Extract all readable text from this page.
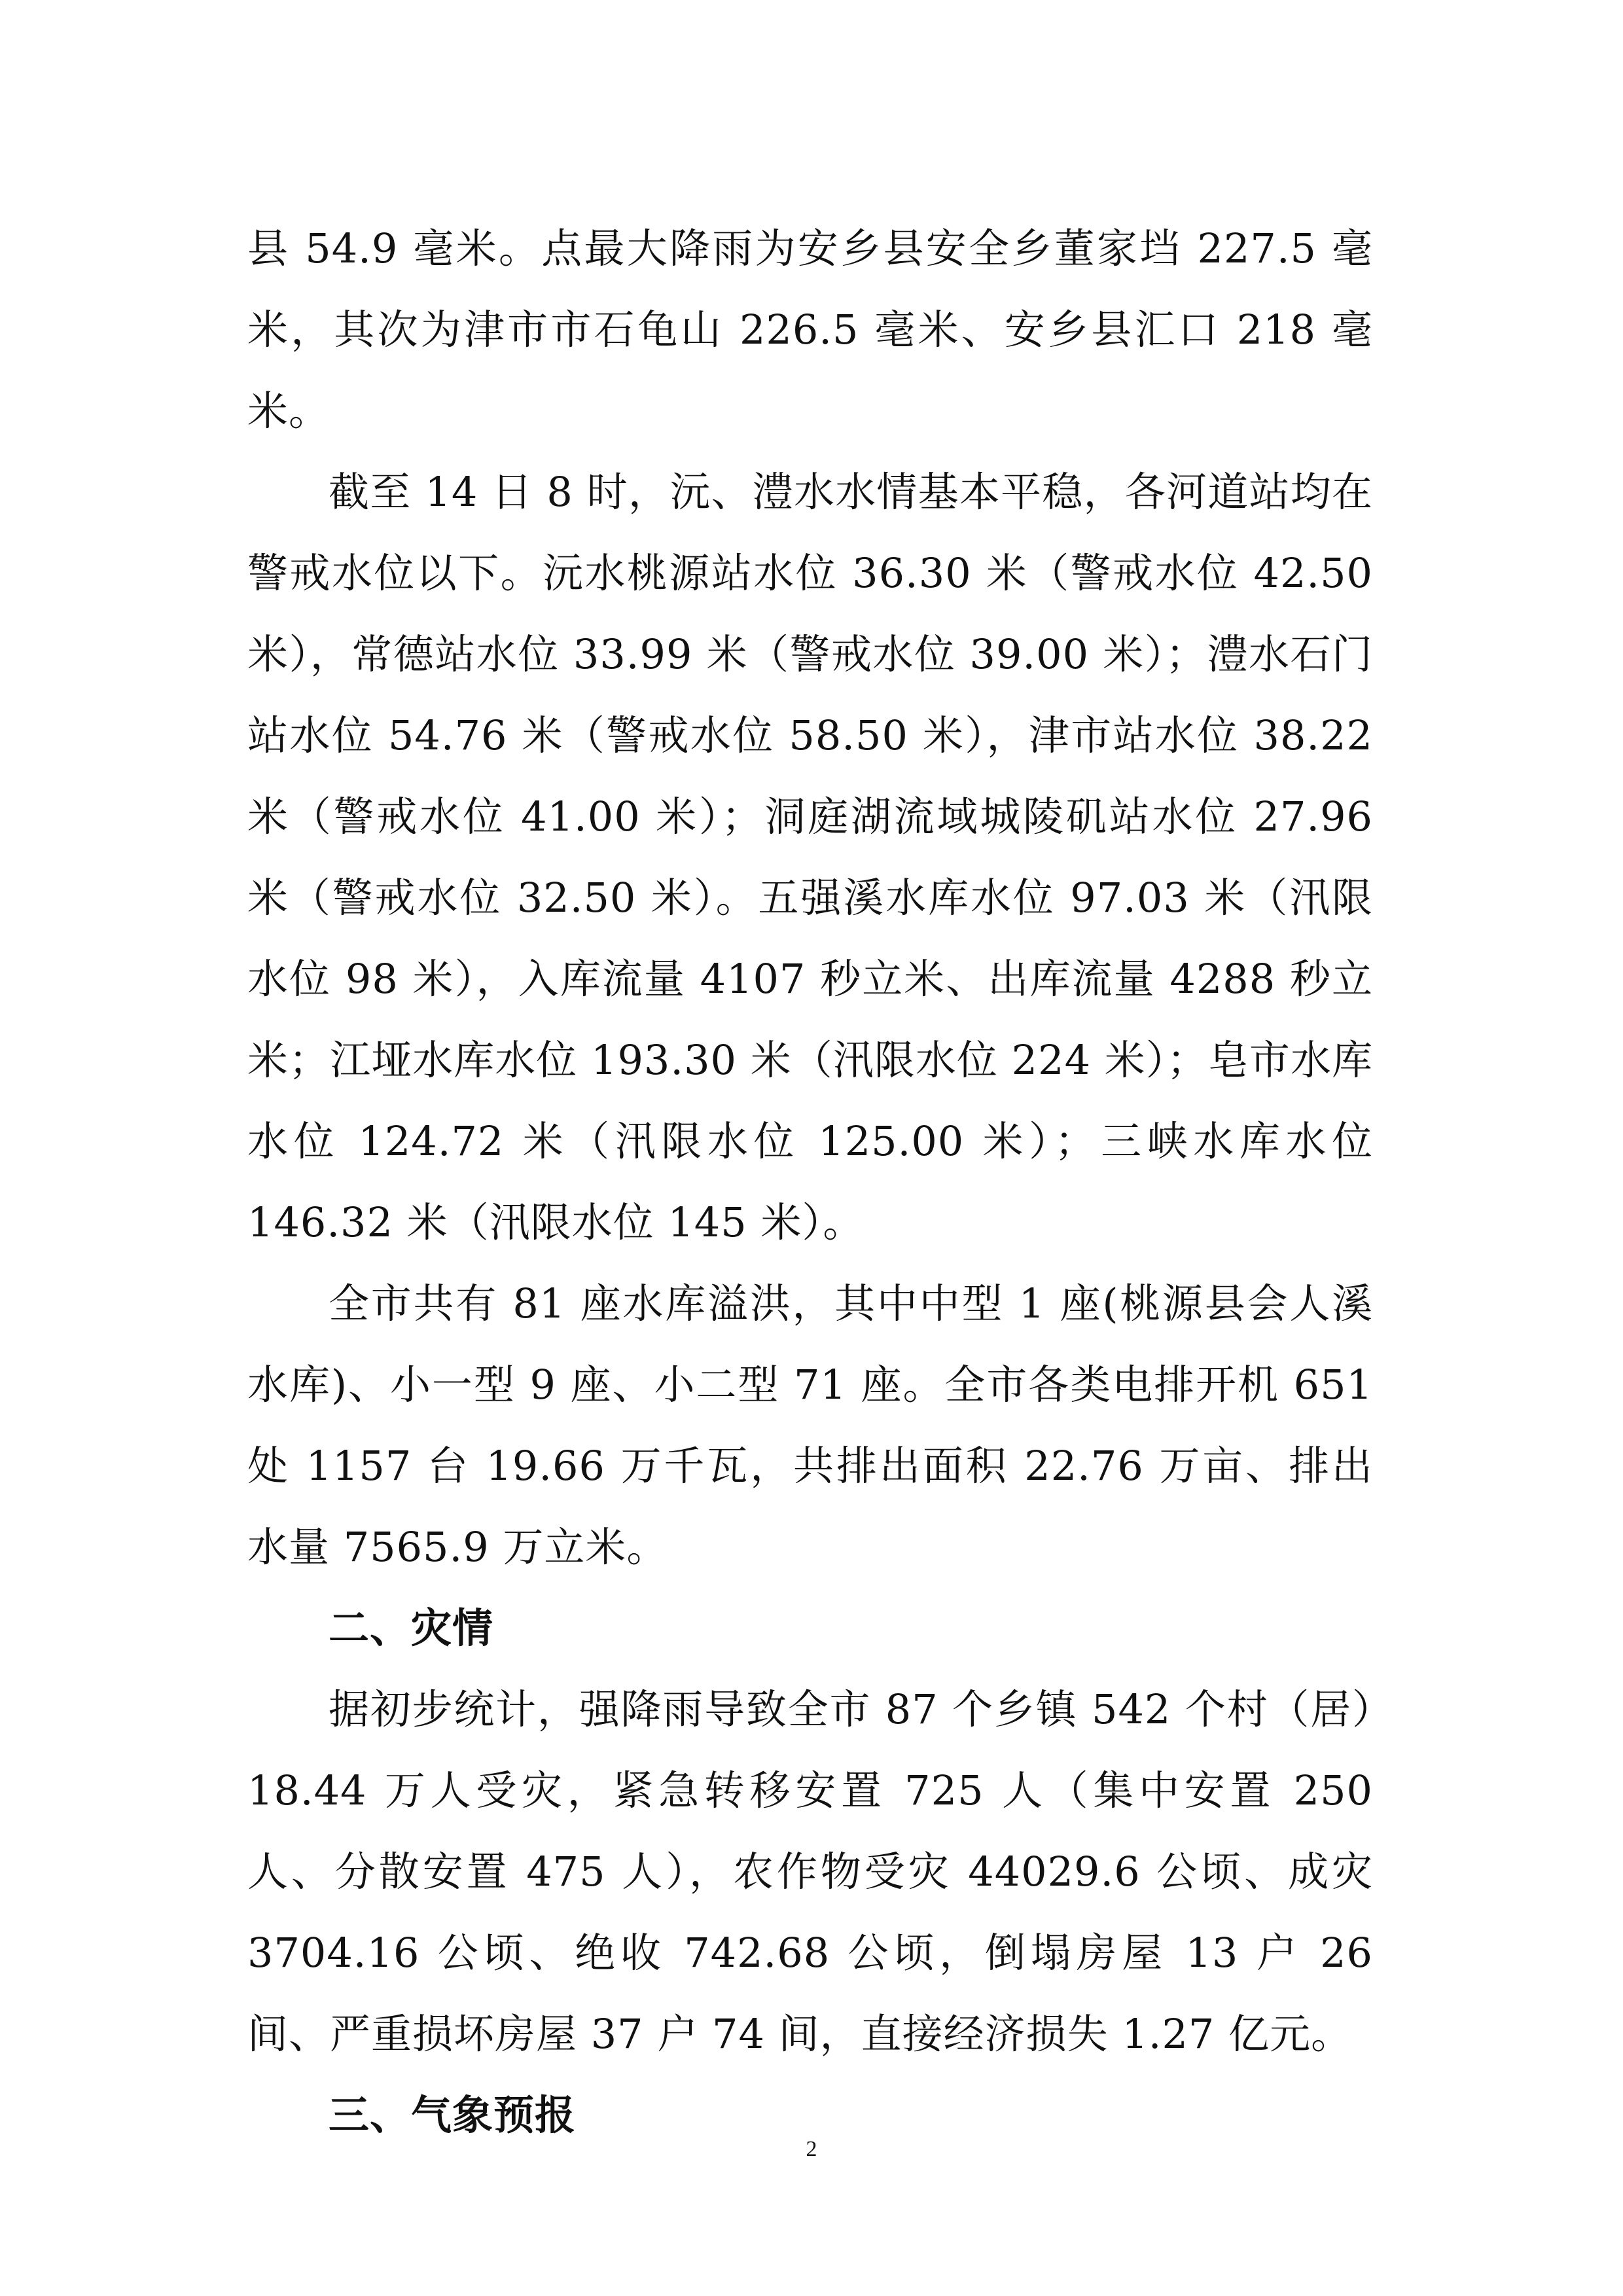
县 54.9 毫米。点最大降雨为安乡县安全乡董家垱 227.5 毫米，其次为津市市石龟山 226.5 毫米、安乡县汇口 218 毫米。

截至 14 日 8 时，沅、澧水水情基本平稳，各河道站均在警戒水位以下。沅水桃源站水位 36.30 米（警戒水位 42.50 米），常德站水位 33.99 米（警戒水位 39.00 米）；澧水石门站水位 54.76 米（警戒水位 58.50 米），津市站水位 38.22 米（警戒水位 41.00 米）；洞庭湖流域城陵矶站水位 27.96 米（警戒水位 32.50 米）。五强溪水库水位 97.03 米（汛限水位 98 米），入库流量 4107 秒立米、出库流量 4288 秒立米；江垭水库水位 193.30 米（汛限水位 224 米）；皂市水库水位 124.72 米（汛限水位 125.00 米）；三峡水库水位 146.32 米（汛限水位 145 米）。

全市共有 81 座水库溢洪，其中中型 1 座(桃源县会人溪水库)、小一型 9 座、小二型 71 座。全市各类电排开机 651 处 1157 台 19.66 万千瓦，共排出面积 22.76 万亩、排出水量 7565.9 万立米。

二、灾情

据初步统计，强降雨导致全市 87 个乡镇 542 个村（居）18.44 万人受灾，紧急转移安置 725 人（集中安置 250 人、分散安置 475 人），农作物受灾 44029.6 公顷、成灾 3704.16 公顷、绝收 742.68 公顷，倒塌房屋 13 户 26 间、严重损坏房屋 37 户 74 间，直接经济损失 1.27 亿元。

三、气象预报
2
